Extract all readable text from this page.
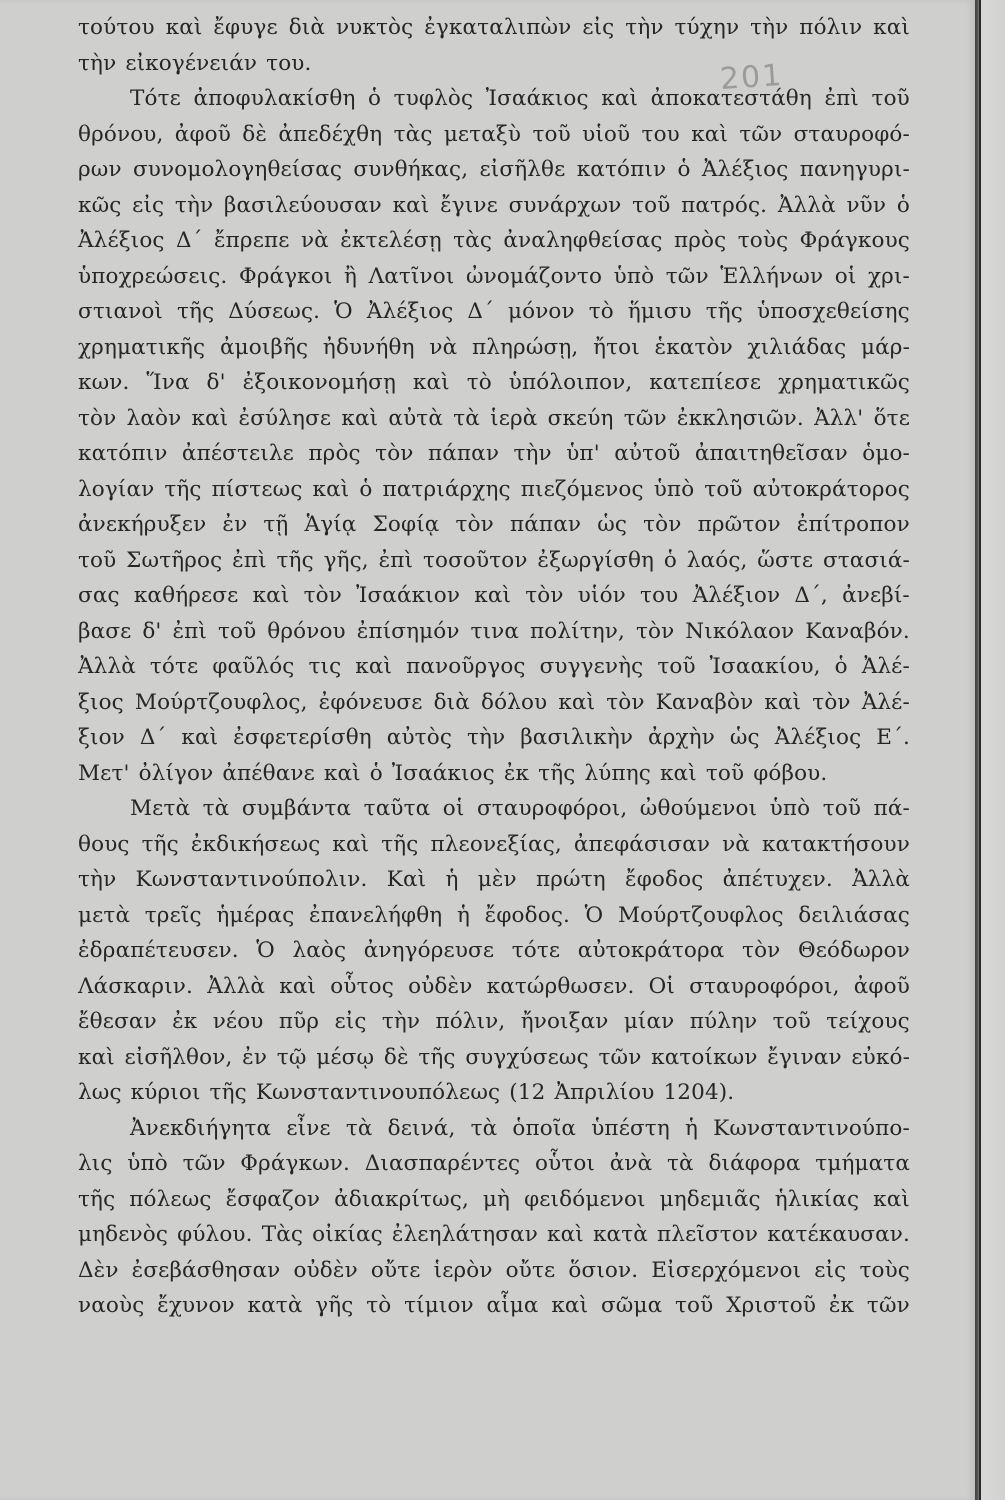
201
τούτου καὶ ἔφυγε διὰ νυκτὸς ἐγκαταλιπὼν εἰς τὴν τύχην τὴν πόλιν καὶ
τὴν εἰκογένειάν του.
Τότε ἀποφυλακίσθη ὁ τυφλὸς Ἰσαάκιος καὶ ἀποκατεστάθη ἐπὶ τοῦ
θρόνου, ἀφοῦ δὲ ἀπεδέχθη τὰς μεταξὺ τοῦ υἱοῦ του καὶ τῶν σταυροφό-
ρων συνομολογηθείσας συνθήκας, εἰσῆλθε κατόπιν ὁ Ἀλέξιος πανηγυρι-
κῶς εἰς τὴν βασιλεύουσαν καὶ ἔγινε συνάρχων τοῦ πατρός. Ἀλλὰ νῦν ὁ
Ἀλέξιος Δ΄ ἔπρεπε νὰ ἐκτελέσῃ τὰς ἀναληφθείσας πρὸς τοὺς Φράγκους
ὑποχρεώσεις. Φράγκοι ἢ Λατῖνοι ὠνομάζοντο ὑπὸ τῶν Ἑλλήνων οἱ χρι-
στιανοὶ τῆς Δύσεως. Ὁ Ἀλέξιος Δ΄ μόνον τὸ ἥμισυ τῆς ὑποσχεθείσης
χρηματικῆς ἀμοιβῆς ἠδυνήθη νὰ πληρώσῃ, ἤτοι ἑκατὸν χιλιάδας μάρ-
κων. Ἵνα δ' ἐξοικονομήσῃ καὶ τὸ ὑπόλοιπον, κατεπίεσε χρηματικῶς
τὸν λαὸν καὶ ἐσύλησε καὶ αὐτὰ τὰ ἱερὰ σκεύη τῶν ἐκκλησιῶν. Ἀλλ' ὅτε
κατόπιν ἀπέστειλε πρὸς τὸν πάπαν τὴν ὑπ' αὐτοῦ ἀπαιτηθεῖσαν ὁμο-
λογίαν τῆς πίστεως καὶ ὁ πατριάρχης πιεζόμενος ὑπὸ τοῦ αὐτοκράτορος
ἀνεκήρυξεν ἐν τῇ Ἁγίᾳ Σοφίᾳ τὸν πάπαν ὡς τὸν πρῶτον ἐπίτροπον
τοῦ Σωτῆρος ἐπὶ τῆς γῆς, ἐπὶ τοσοῦτον ἐξωργίσθη ὁ λαός, ὥστε στασιά-
σας καθήρεσε καὶ τὸν Ἰσαάκιον καὶ τὸν υἱόν του Ἀλέξιον Δ΄, ἀνεβί-
βασε δ' ἐπὶ τοῦ θρόνου ἐπίσημόν τινα πολίτην, τὸν Νικόλαον Καναβόν.
Ἀλλὰ τότε φαῦλός τις καὶ πανοῦργος συγγενὴς τοῦ Ἰσαακίου, ὁ Ἀλέ-
ξιος Μούρτζουφλος, ἐφόνευσε διὰ δόλου καὶ τὸν Καναβὸν καὶ τὸν Ἀλέ-
ξιον Δ΄ καὶ ἐσφετερίσθη αὐτὸς τὴν βασιλικὴν ἀρχὴν ὡς Ἀλέξιος Ε΄.
Μετ' ὀλίγον ἀπέθανε καὶ ὁ Ἰσαάκιος ἐκ τῆς λύπης καὶ τοῦ φόβου.
Μετὰ τὰ συμβάντα ταῦτα οἱ σταυροφόροι, ὠθούμενοι ὑπὸ τοῦ πά-
θους τῆς ἐκδικήσεως καὶ τῆς πλεονεξίας, ἀπεφάσισαν νὰ κατακτήσουν
τὴν Κωνσταντινούπολιν. Καὶ ἡ μὲν πρώτη ἔφοδος ἀπέτυχεν. Ἀλλὰ
μετὰ τρεῖς ἡμέρας ἐπανελήφθη ἡ ἔφοδος. Ὁ Μούρτζουφλος δειλιάσας
ἐδραπέτευσεν. Ὁ λαὸς ἀνηγόρευσε τότε αὐτοκράτορα τὸν Θεόδωρον
Λάσκαριν. Ἀλλὰ καὶ οὗτος οὐδὲν κατώρθωσεν. Οἱ σταυροφόροι, ἀφοῦ
ἔθεσαν ἐκ νέου πῦρ εἰς τὴν πόλιν, ἤνοιξαν μίαν πύλην τοῦ τείχους
καὶ εἰσῆλθον, ἐν τῷ μέσῳ δὲ τῆς συγχύσεως τῶν κατοίκων ἔγιναν εὐκό-
λως κύριοι τῆς Κωνσταντινουπόλεως (12 Ἀπριλίου 1204).
Ἀνεκδιήγητα εἶνε τὰ δεινά, τὰ ὁποῖα ὑπέστη ἡ Κωνσταντινούπο-
λις ὑπὸ τῶν Φράγκων. Διασπαρέντες οὗτοι ἀνὰ τὰ διάφορα τμήματα
τῆς πόλεως ἔσφαζον ἀδιακρίτως, μὴ φειδόμενοι μηδεμιᾶς ἡλικίας καὶ
μηδενὸς φύλου. Τὰς οἰκίας ἐλεηλάτησαν καὶ κατὰ πλεῖστον κατέκαυσαν.
Δὲν ἐσεβάσθησαν οὐδὲν οὔτε ἱερὸν οὔτε ὅσιον. Εἰσερχόμενοι εἰς τοὺς
ναοὺς ἔχυνον κατὰ γῆς τὸ τίμιον αἷμα καὶ σῶμα τοῦ Χριστοῦ ἐκ τῶν
